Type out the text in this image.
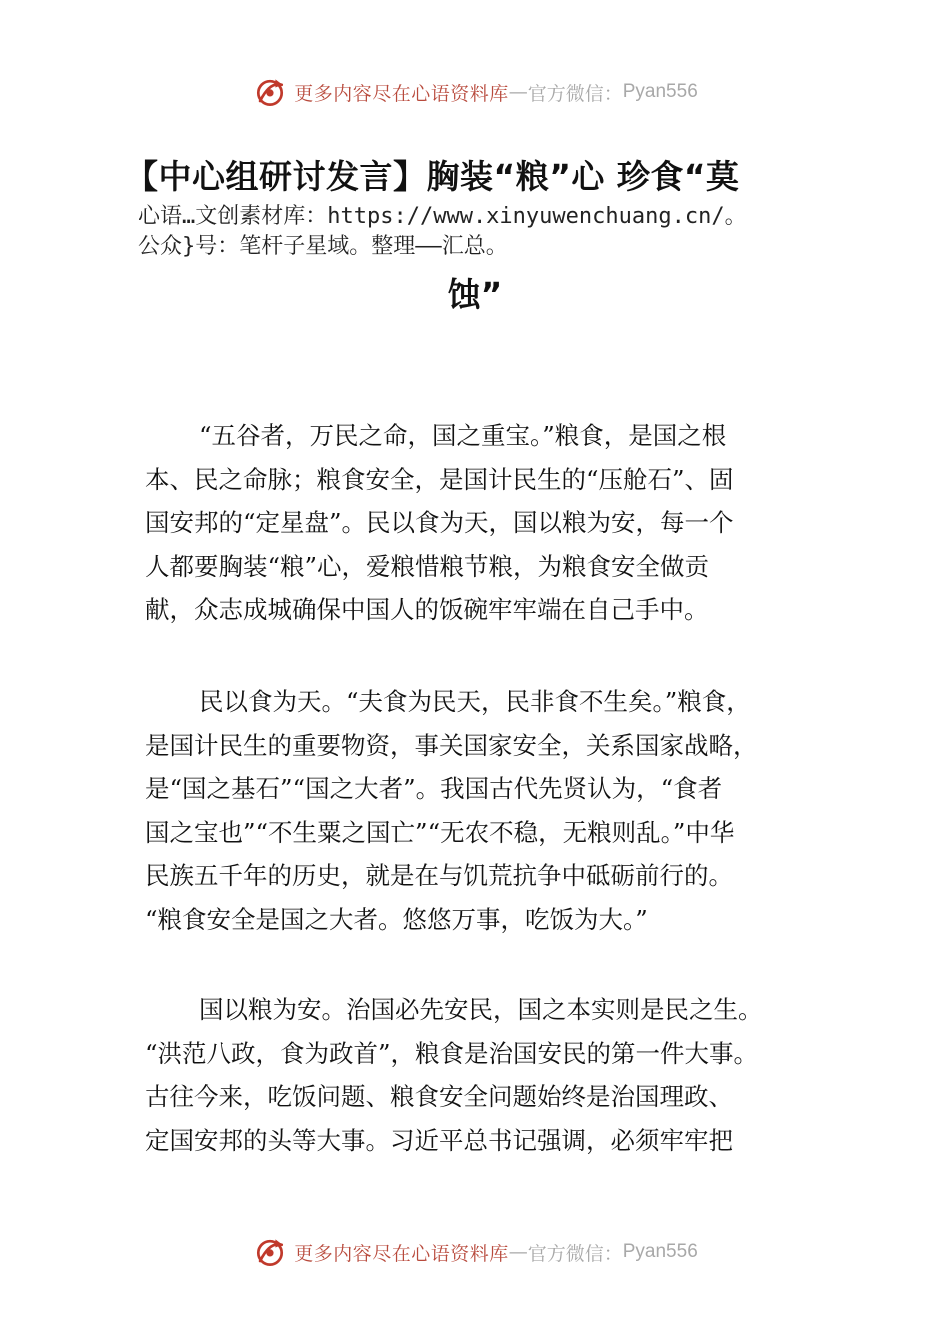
更多内容尽在心语资料库 — 官方微信： Pyan556
【中心组研讨发言】胸装“粮”心 珍食“莫
心语…文创素材库：https://www.xinyuwenchuang.cn/。
公众}号：笔杆子星域。整理——汇总。
蚀”
“五谷者，万民之命，国之重宝。”粮食，是国之根
本、民之命脉；粮食安全，是国计民生的“压舱石”、固
国安邦的“定星盘”。民以食为天，国以粮为安，每一个
人都要胸装“粮”心，爱粮惜粮节粮，为粮食安全做贡
献，众志成城确保中国人的饭碗牢牢端在自己手中。
民以食为天。“夫食为民天，民非食不生矣。”粮食，
是国计民生的重要物资，事关国家安全，关系国家战略，
是“国之基石”“国之大者”。我国古代先贤认为，“食者
国之宝也”“不生粟之国亡”“无农不稳，无粮则乱。”中华
民族五千年的历史，就是在与饥荒抗争中砥砺前行的。
“粮食安全是国之大者。悠悠万事，吃饭为大。”
国以粮为安。治国必先安民，国之本实则是民之生。
“洪范八政，食为政首”，粮食是治国安民的第一件大事。
古往今来，吃饭问题、粮食安全问题始终是治国理政、
定国安邦的头等大事。习近平总书记强调，必须牢牢把
更多内容尽在心语资料库 — 官方微信： Pyan556
